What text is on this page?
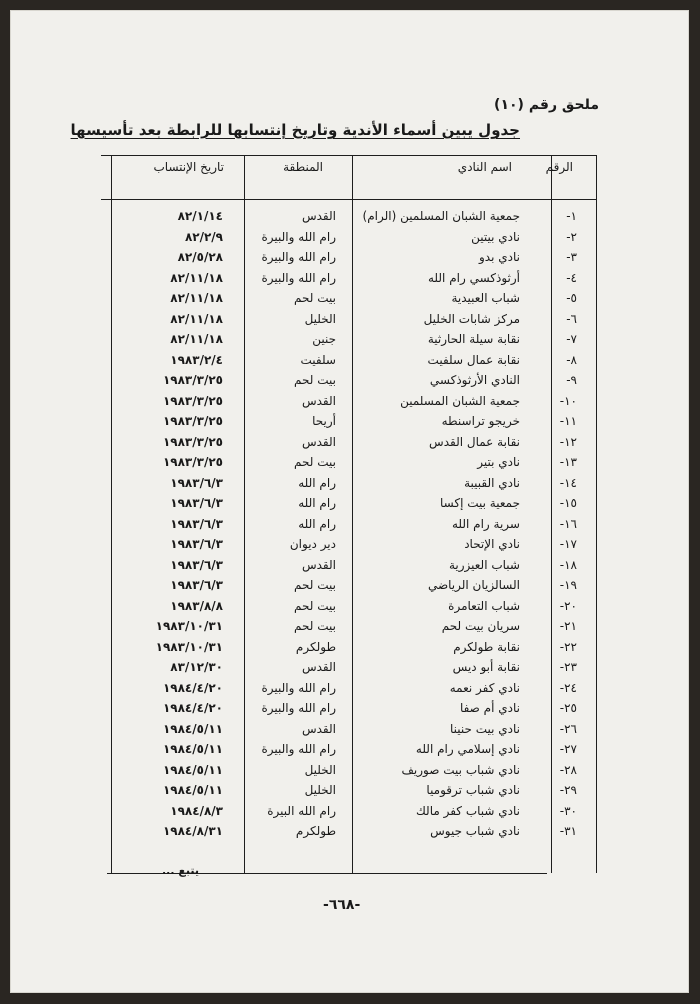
ملحق رقم (١٠)
جدول يبين أسماء الأندية وتاريخ إنتسابها للرابطة بعد تأسيسها
الرقم
اسم النادي
المنطقة
تاريخ الإنتساب
١-
جمعية الشبان المسلمين (الرام)
القدس
٨٢/١/١٤
٢-
نادي بيتين
رام الله والبيرة
٨٢/٢/٩
٣-
نادي بدو
رام الله والبيرة
٨٢/٥/٢٨
٤-
أرثوذكسي رام الله
رام الله والبيرة
٨٢/١١/١٨
٥-
شباب العبيدية
بيت لحم
٨٢/١١/١٨
٦-
مركز شابات الخليل
الخليل
٨٢/١١/١٨
٧-
نقابة سيلة الحارثية
جنين
٨٢/١١/١٨
٨-
نقابة عمال سلفيت
سلفيت
١٩٨٣/٢/٤
٩-
النادي الأرثوذكسي
بيت لحم
١٩٨٣/٣/٢٥
١٠-
جمعية الشبان المسلمين
القدس
١٩٨٣/٣/٢٥
١١-
خريجو تراسنطه
أريحا
١٩٨٣/٣/٢٥
١٢-
نقابة عمال القدس
القدس
١٩٨٣/٣/٢٥
١٣-
نادي بتير
بيت لحم
١٩٨٣/٣/٢٥
١٤-
نادي القبيبة
رام الله
١٩٨٣/٦/٣
١٥-
جمعية بيت إكسا
رام الله
١٩٨٣/٦/٣
١٦-
سرية رام الله
رام الله
١٩٨٣/٦/٣
١٧-
نادي الإتحاد
دير ديوان
١٩٨٣/٦/٣
١٨-
شباب العيزرية
القدس
١٩٨٣/٦/٣
١٩-
السالزيان الرياضي
بيت لحم
١٩٨٣/٦/٣
٢٠-
شباب التعامرة
بيت لحم
١٩٨٣/٨/٨
٢١-
سريان بيت لحم
بيت لحم
١٩٨٣/١٠/٣١
٢٢-
نقابة طولكرم
طولكرم
١٩٨٣/١٠/٣١
٢٣-
نقابة أبو ديس
القدس
٨٣/١٢/٣٠
٢٤-
نادي كفر نعمه
رام الله والبيرة
١٩٨٤/٤/٢٠
٢٥-
نادي أم صفا
رام الله والبيرة
١٩٨٤/٤/٢٠
٢٦-
نادي بيت حنينا
القدس
١٩٨٤/٥/١١
٢٧-
نادي إسلامي رام الله
رام الله والبيرة
١٩٨٤/٥/١١
٢٨-
نادي شباب بيت صوريف
الخليل
١٩٨٤/٥/١١
٢٩-
نادي شباب ترقوميا
الخليل
١٩٨٤/٥/١١
٣٠-
نادي شباب كفر مالك
رام الله البيرة
١٩٨٤/٨/٣
٣١-
نادي شباب جيوس
طولكرم
١٩٨٤/٨/٣١
يتبع ...
-٦٦٨-
